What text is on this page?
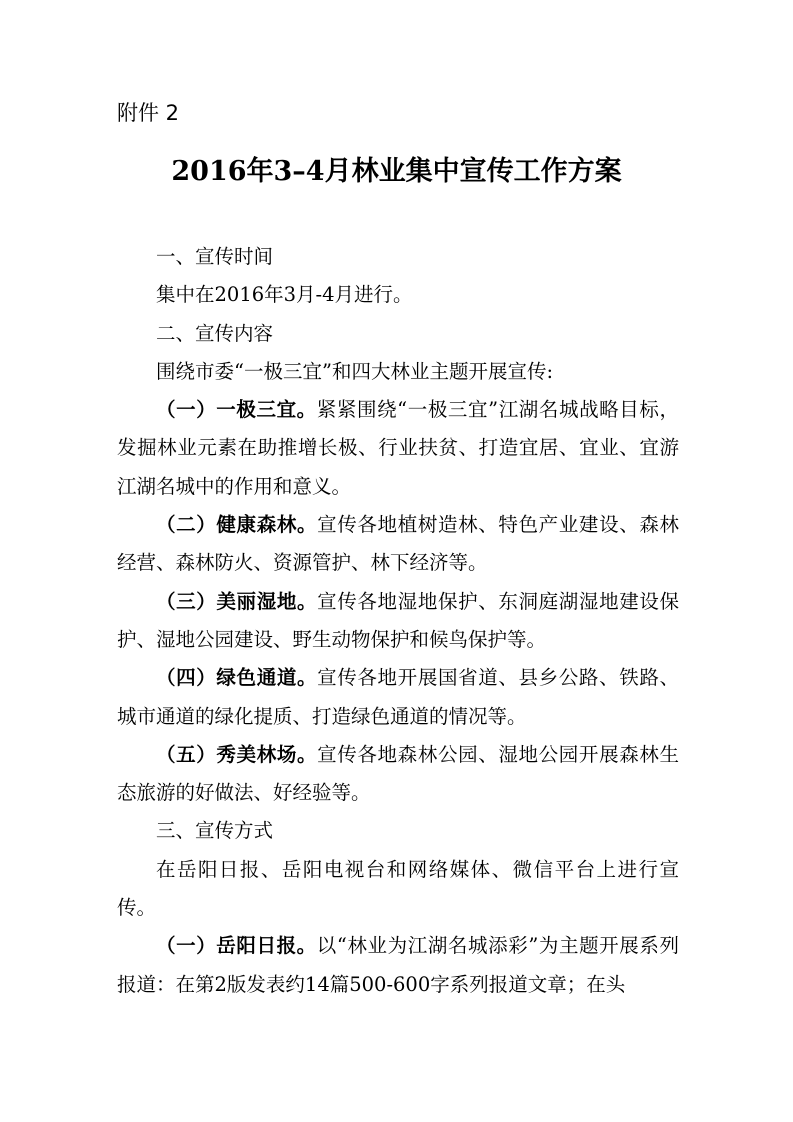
附件 2
2016年3–4月林业集中宣传工作方案

一、宣传时间

集中在2016年3月-4月进行。

二、宣传内容

围绕市委“一极三宜”和四大林业主题开展宣传:

（一）一极三宜。紧紧围绕“一极三宜”江湖名城战略目标，发掘林业元素在助推增长极、行业扶贫、打造宜居、宜业、宜游江湖名城中的作用和意义。

（二）健康森林。宣传各地植树造林、特色产业建设、森林经营、森林防火、资源管护、林下经济等。

（三）美丽湿地。宣传各地湿地保护、东洞庭湖湿地建设保护、湿地公园建设、野生动物保护和候鸟保护等。

（四）绿色通道。宣传各地开展国省道、县乡公路、铁路、城市通道的绿化提质、打造绿色通道的情况等。

（五）秀美林场。宣传各地森林公园、湿地公园开展森林生态旅游的好做法、好经验等。

三、宣传方式

在岳阳日报、岳阳电视台和网络媒体、微信平台上进行宣传。

（一）岳阳日报。以“林业为江湖名城添彩”为主题开展系列报道：在第2版发表约14篇500-600字系列报道文章；在头
